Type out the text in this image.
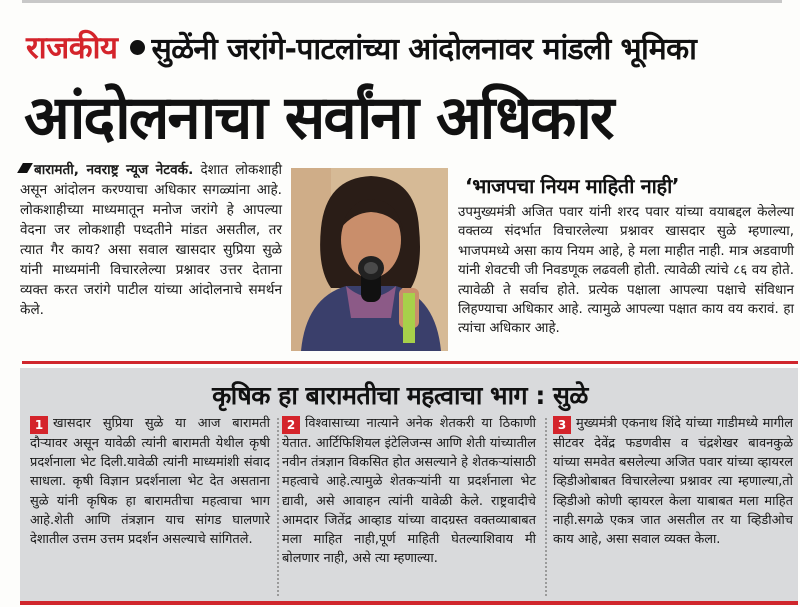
राजकीय सुळेंनी जरांगे-पाटलांच्या आंदोलनावर मांडली भूमिका
आंदोलनाचा सर्वांना अधिकार
बारामती, नवराष्ट्र न्यूज नेटवर्क. देशात लोकशाही असून आंदोलन करण्याचा अधिकार सगळ्यांना आहे. लोकशाहीच्या माध्यमातून मनोज जरांगे हे आपल्या वेदना जर लोकशाही पध्दतीने मांडत असतील, तर त्यात गैर काय? असा सवाल खासदार सुप्रिया सुळे यांनी माध्यमांनी विचारलेल्या प्रश्नावर उत्तर देताना व्यक्त करत जरांगे पाटील यांच्या आंदोलनाचे समर्थन केले.
‘भाजपचा नियम माहिती नाही’
उपमुख्यमंत्री अजित पवार यांनी शरद पवार यांच्या वयाबद्दल केलेल्या वक्तव्य संदर्भात विचारलेल्या प्रश्नावर खासदार सुळे म्हणाल्या, भाजपमध्ये असा काय नियम आहे, हे मला माहीत नाही. मात्र अडवाणी यांनी शेवटची जी निवडणूक लढवली होती. त्यावेळी त्यांचे ८६ वय होते. त्यावेळी ते सर्वाच होते. प्रत्येक पक्षाला आपल्या पक्षाचे संविधान लिहण्याचा अधिकार आहे. त्यामुळे आपल्या पक्षात काय वय करावं. हा त्यांचा अधिकार आहे.
कृषिक हा बारामतीचा महत्वाचा भाग : सुळे
1 खासदार सुप्रिया सुळे या आज बारामती दौऱ्यावर असून यावेळी त्यांनी बारामती येथील कृषी प्रदर्शनाला भेट दिली.यावेळी त्यांनी माध्यमांशी संवाद साधला. कृषी विज्ञान प्रदर्शनाला भेट देत असताना सुळे यांनी कृषिक हा बारामतीचा महत्वाचा भाग आहे.शेती आणि तंत्रज्ञान याच सांगड घालणारे देशातील उत्तम उत्तम प्रदर्शन असल्याचे सांगितले.
2 विश्वासाच्या नात्याने अनेक शेतकरी या ठिकाणी येतात. आर्टिफिशियल इंटेलिजन्स आणि शेती यांच्यातील नवीन तंत्रज्ञान विकसित होत असल्याने हे शेतकऱ्यांसाठी महत्वाचे आहे.त्यामुळे शेतकऱ्यांनी या प्रदर्शनाला भेट द्यावी, असे आवाहन त्यांनी यावेळी केले. राष्ट्रवादीचे आमदार जितेंद्र आव्हाड यांच्या वादग्रस्त वक्तव्याबाबत मला माहित नाही,पूर्ण माहिती घेतल्याशिवाय मी बोलणार नाही, असे त्या म्हणाल्या.
3 मुख्यमंत्री एकनाथ शिंदे यांच्या गाडीमध्ये मागील सीटवर देवेंद्र फडणवीस व चंद्रशेखर बावनकुळे यांच्या समवेत बसलेल्या अजित पवार यांच्या व्हायरल व्हिडीओबाबत विचारलेल्या प्रश्नावर त्या म्हणाल्या,तो व्हिडीओ कोणी व्हायरल केला याबाबत मला माहित नाही.सगळे एकत्र जात असतील तर या व्हिडीओच काय आहे, असा सवाल व्यक्त केला.
